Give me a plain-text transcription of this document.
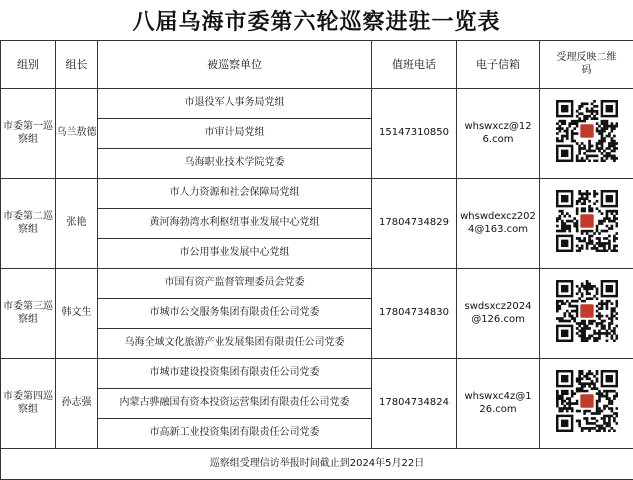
八届乌海市委第六轮巡察进驻一览表
组别	组长	被巡察单位	值班电话	电子信箱	受理反映二维码

市委第一巡察组	乌兰敖德	市退役军人事务局党组	15147310850	whswxcz@126.com

		市审计局党组			
		乌海职业技术学院党委			
市委第二巡察组	张艳	市人力资源和社会保障局党组	17804734829	whswdexcz2024@163.com

		黄河海勃湾水利枢纽事业发展中心党组			
		市公用事业发展中心党组			
市委第三巡察组	韩文生	市国有资产监督管理委员会党委	17804734830	swdsxcz2024@126.com

		市城市公交服务集团有限责任公司党委			
		乌海全域文化旅游产业发展集团有限责任公司党委			
市委第四巡察组	孙志强	市城市建设投资集团有限责任公司党委	17804734824	whswxc4z@126.com

		内蒙古骅融国有资本投资运营集团有限责任公司党委			
		市高新工业投资集团有限责任公司党委			
巡察组受理信访举报时间截止到2024年5月22日					
